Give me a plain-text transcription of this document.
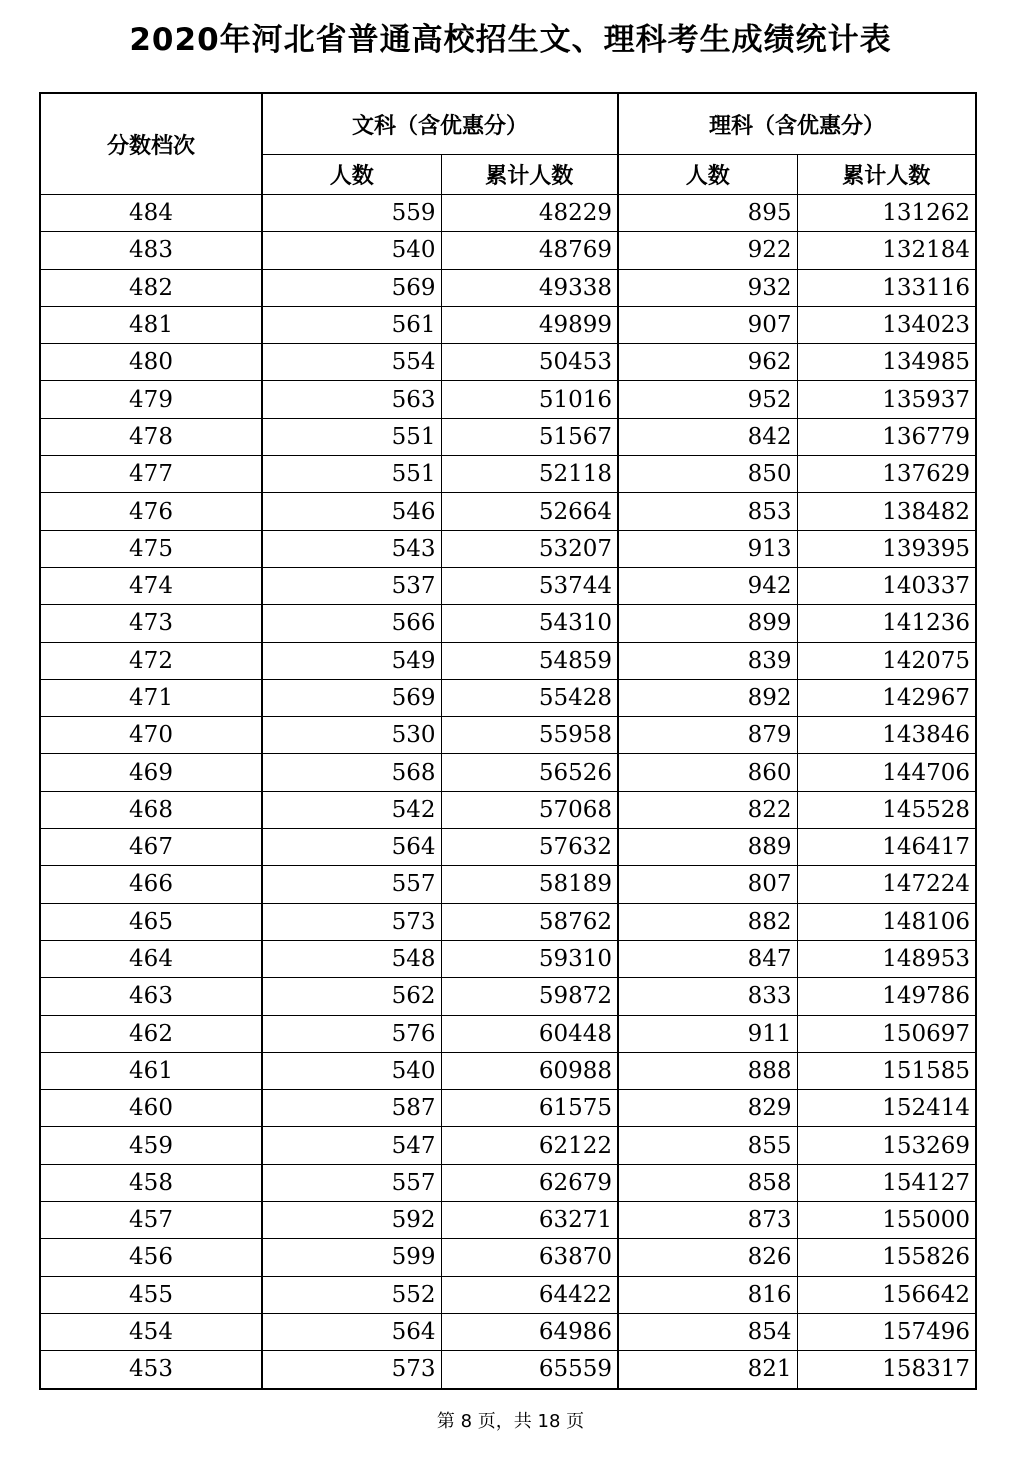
2020年河北省普通高校招生文、理科考生成绩统计表
分数档次	文科（含优惠分）		理科（含优惠分）	
	人数	累计人数	人数	累计人数
484	559	48229	895	131262
483	540	48769	922	132184
482	569	49338	932	133116
481	561	49899	907	134023
480	554	50453	962	134985
479	563	51016	952	135937
478	551	51567	842	136779
477	551	52118	850	137629
476	546	52664	853	138482
475	543	53207	913	139395
474	537	53744	942	140337
473	566	54310	899	141236
472	549	54859	839	142075
471	569	55428	892	142967
470	530	55958	879	143846
469	568	56526	860	144706
468	542	57068	822	145528
467	564	57632	889	146417
466	557	58189	807	147224
465	573	58762	882	148106
464	548	59310	847	148953
463	562	59872	833	149786
462	576	60448	911	150697
461	540	60988	888	151585
460	587	61575	829	152414
459	547	62122	855	153269
458	557	62679	858	154127
457	592	63271	873	155000
456	599	63870	826	155826
455	552	64422	816	156642
454	564	64986	854	157496
453	573	65559	821	158317
第 8 页，共 18 页
